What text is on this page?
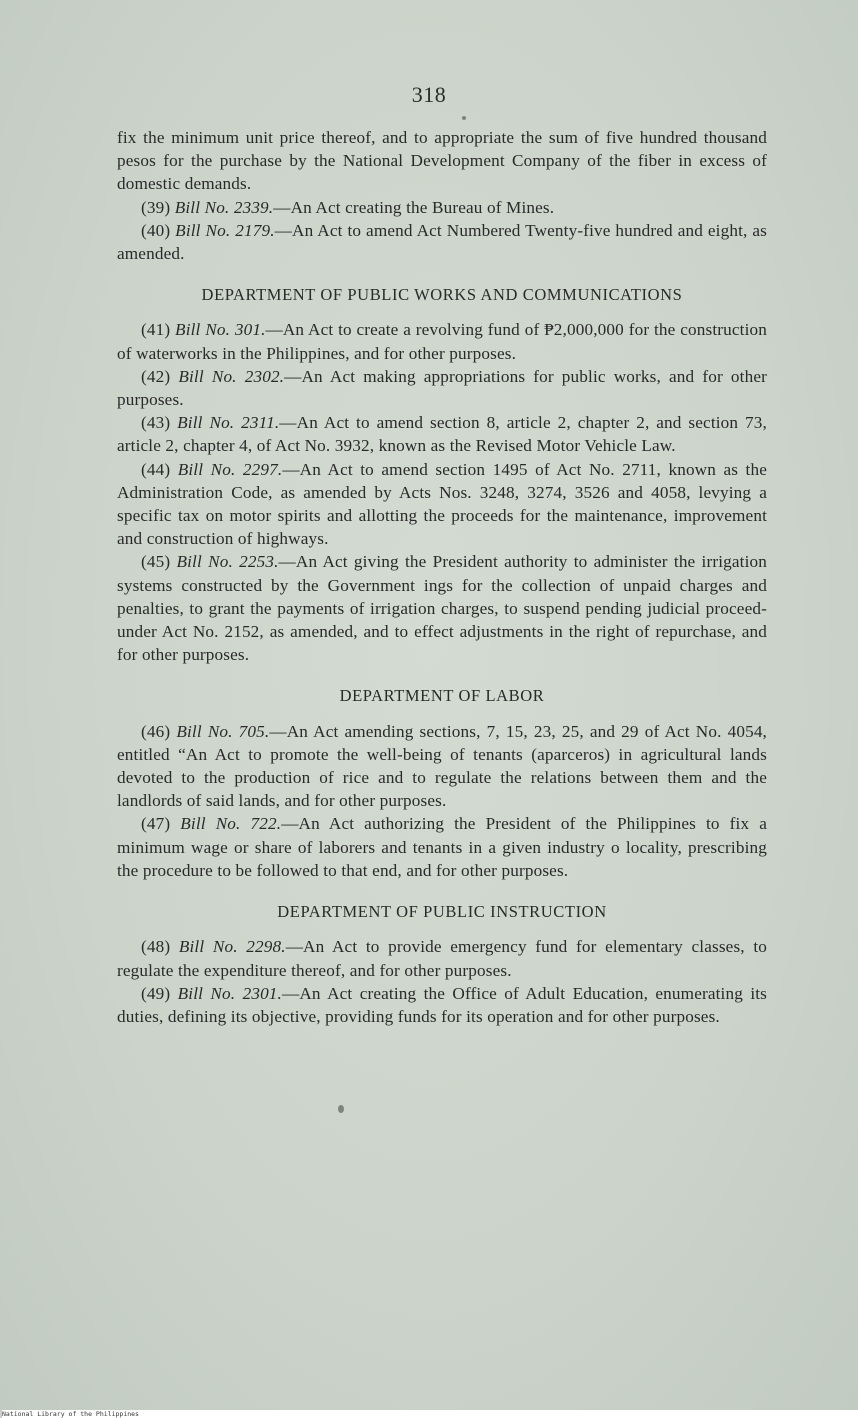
318

fix the minimum unit price thereof, and to appropriate the sum of five hundred thousand pesos for the purchase by the National Development Company of the fiber in excess of domestic demands.

(39) Bill No. 2339.—An Act creating the Bureau of Mines.

(40) Bill No. 2179.—An Act to amend Act Numbered Twenty-five hundred and eight, as amended.

DEPARTMENT OF PUBLIC WORKS AND COMMUNICATIONS

(41) Bill No. 301.—An Act to create a revolving fund of ₱2,000,000 for the construction of waterworks in the Philippines, and for other purposes.

(42) Bill No. 2302.—An Act making appropriations for public works, and for other purposes.

(43) Bill No. 2311.—An Act to amend section 8, article 2, chapter 2, and section 73, article 2, chapter 4, of Act No. 3932, known as the Revised Motor Vehicle Law.

(44) Bill No. 2297.—An Act to amend section 1495 of Act No. 2711, known as the Administration Code, as amended by Acts Nos. 3248, 3274, 3526 and 4058, levying a specific tax on motor spirits and allotting the proceeds for the maintenance, improvement and construction of highways.

(45) Bill No. 2253.—An Act giving the President authority to administer the irrigation systems constructed by the Government ings for the collection of unpaid charges and penalties, to grant the payments of irrigation charges, to suspend pending judicial proceed- under Act No. 2152, as amended, and to effect adjustments in the right of repurchase, and for other purposes.

DEPARTMENT OF LABOR

(46) Bill No. 705.—An Act amending sections, 7, 15, 23, 25, and 29 of Act No. 4054, entitled “An Act to promote the well-being of tenants (aparceros) in agricultural lands devoted to the production of rice and to regulate the relations between them and the landlords of said lands, and for other purposes.

(47) Bill No. 722.—An Act authorizing the President of the Philippines to fix a minimum wage or share of laborers and tenants in a given industry o locality, prescribing the procedure to be followed to that end, and for other purposes.

DEPARTMENT OF PUBLIC INSTRUCTION

(48) Bill No. 2298.—An Act to provide emergency fund for elementary classes, to regulate the expenditure thereof, and for other purposes.

(49) Bill No. 2301.—An Act creating the Office of Adult Education, enumerating its duties, defining its objective, providing funds for its operation and for other purposes.

National Library of the Philippines
